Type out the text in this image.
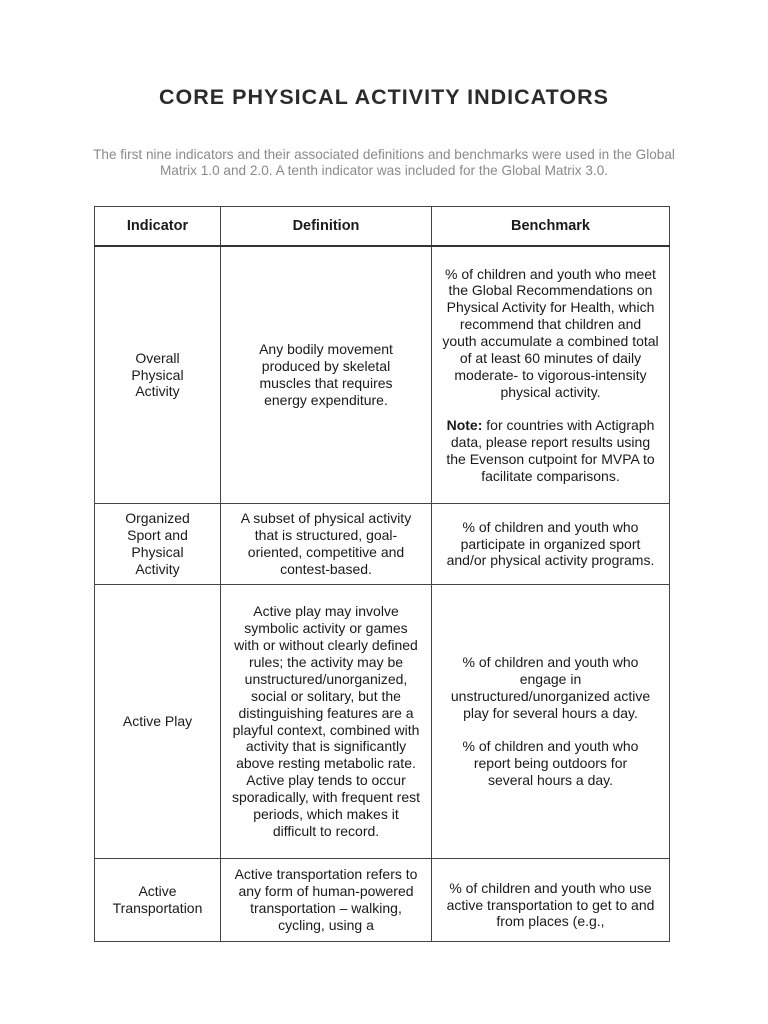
CORE PHYSICAL ACTIVITY INDICATORS

The first nine indicators and their associated definitions and benchmarks were used in the Global Matrix 1.0 and 2.0. A tenth indicator was included for the Global Matrix 3.0.

Indicator	Definition	Benchmark
Overall Physical Activity	Any bodily movement produced by skeletal muscles that requires energy expenditure.	% of children and youth who meet the Global Recommendations on Physical Activity for Health, which recommend that children and youth accumulate a combined total of at least 60 minutes of daily moderate- to vigorous-intensity physical activity.
Note: for countries with Actigraph data, please report results using the Evenson cutpoint for MVPA to facilitate comparisons.

Organized Sport and Physical Activity	A subset of physical activity that is structured, goal-oriented, competitive and contest-based.	% of children and youth who participate in organized sport and/or physical activity programs.
Active Play	Active play may involve symbolic activity or games with or without clearly defined rules; the activity may be unstructured/unorganized, social or solitary, but the distinguishing features are a playful context, combined with activity that is significantly above resting metabolic rate. Active play tends to occur sporadically, with frequent rest periods, which makes it difficult to record.	% of children and youth who engage in unstructured/unorganized active play for several hours a day.
% of children and youth who report being outdoors for several hours a day.

Active Transportation	Active transportation refers to any form of human-powered transportation – walking, cycling, using a	% of children and youth who use active transportation to get to and from places (e.g.,
